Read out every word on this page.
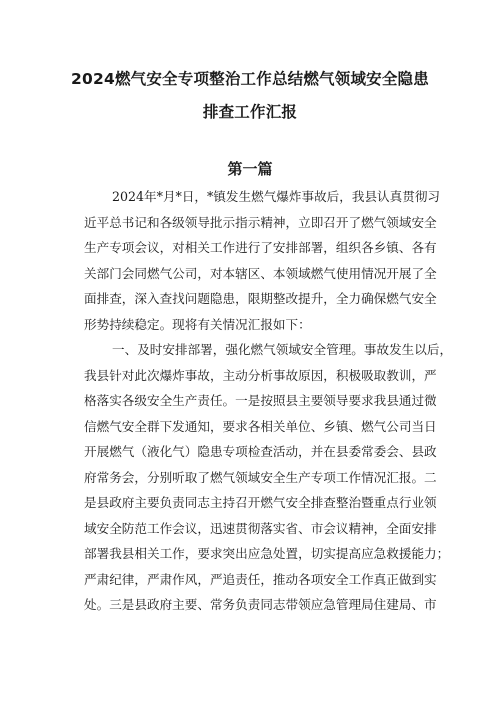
2024燃气安全专项整治工作总结燃气领域安全隐患
排查工作汇报
第一篇
2024年*月*日，*镇发生燃气爆炸事故后，我县认真贯彻习
近平总书记和各级领导批示指示精神，立即召开了燃气领域安全
生产专项会议，对相关工作进行了安排部署，组织各乡镇、各有
关部门会同燃气公司，对本辖区、本领域燃气使用情况开展了全
面排查，深入查找问题隐患，限期整改提升，全力确保燃气安全
形势持续稳定。现将有关情况汇报如下：
一、及时安排部署，强化燃气领域安全管理。事故发生以后，
我县针对此次爆炸事故，主动分析事故原因，积极吸取教训，严
格落实各级安全生产责任。一是按照县主要领导要求我县通过微
信燃气安全群下发通知，要求各相关单位、乡镇、燃气公司当日
开展燃气（液化气）隐患专项检查活动，并在县委常委会、县政
府常务会，分别听取了燃气领域安全生产专项工作情况汇报。二
是县政府主要负责同志主持召开燃气安全排查整治暨重点行业领
域安全防范工作会议，迅速贯彻落实省、市会议精神，全面安排
部署我县相关工作，要求突出应急处置，切实提高应急救援能力；
严肃纪律，严肃作风，严追责任，推动各项安全工作真正做到实
处。三是县政府主要、常务负责同志带领应急管理局住建局、市
